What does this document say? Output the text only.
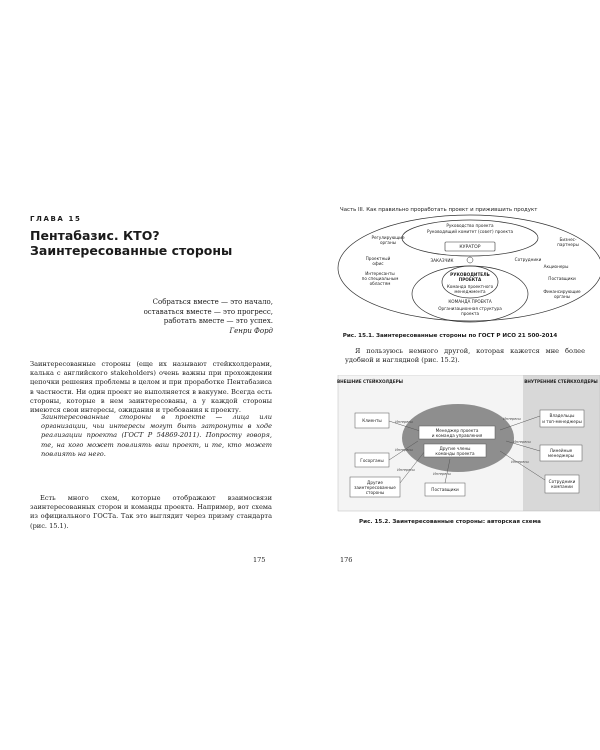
ГЛАВА 15
Пентабазис. КТО?
Заинтересованные стороны
Собраться вместе — это начало,
оставаться вместе — это прогресс,
работать вместе — это успех.
Генри Форд

Заинтересованные стороны (еще их называют стейкхолдерами, калька с английского stakeholders) очень важны при прохождении цепочки решения проблемы в целом и при проработке Пентабазиса в частности. Ни один проект не выполняется в вакууме. Всегда есть стороны, которые в нем заинтересованы, а у каждой стороны имеются свои интересы, ожидания и требования к проекту.

Заинтересованные стороны в проекте — лица или организации, чьи интересы могут быть затронуты в ходе реализации проекта (ГОСТ Р 54869-2011). Попросту говоря, те, на кого может повлиять ваш проект, и те, кто может повлиять на него.

Есть много схем, которые отображают взаимосвязи заинтересованных сторон и команды проекта. Например, вот схема из официального ГОСТа. Так это выглядит через призму стандарта (рис. 15.1).

175
Часть III. Как правильно проработать проект и прижившить продукт
Руководство проекта
Руководящий комитет (совет) проекта
КУРАТОР
ЗАКАЗЧИК
РУКОВОДИТЕЛЬ
ПРОЕКТА
Команда проектного
менеджмента
КОМАНДА ПРОЕКТА
Организационная структура
проекта
Регулирующие
органы
Проектный
офис
Интересанты
по специальным
областям
Сотрудники
Акционеры
Бизнес-
партнеры
Поставщики
Финансирующие
органы
Рис. 15.1. Заинтересованные стороны по ГОСТ Р ИСО 21 500-2014

Я пользуюсь немного другой, которая кажется мне более удобной и наглядной (рис. 15.2).

ВНЕШНИЕ СТЕЙКХОЛДЕРЫ	ВНУТРЕННИЕ СТЕЙКХОЛДЕРЫ
Клиенты
Госорганы
Другие
заинтересованные
стороны
Поставщики
Менеджер проекта
и команда управления
Другие члены
команды проекта
Владельцы
и топ-менеджеры
Линейные
менеджеры
Сотрудники
компании
Интересы
Интересы
Интересы
Интересы
Интересы
Интересы
Интересы
Рис. 15.2. Заинтересованные стороны: авторская схема
176
